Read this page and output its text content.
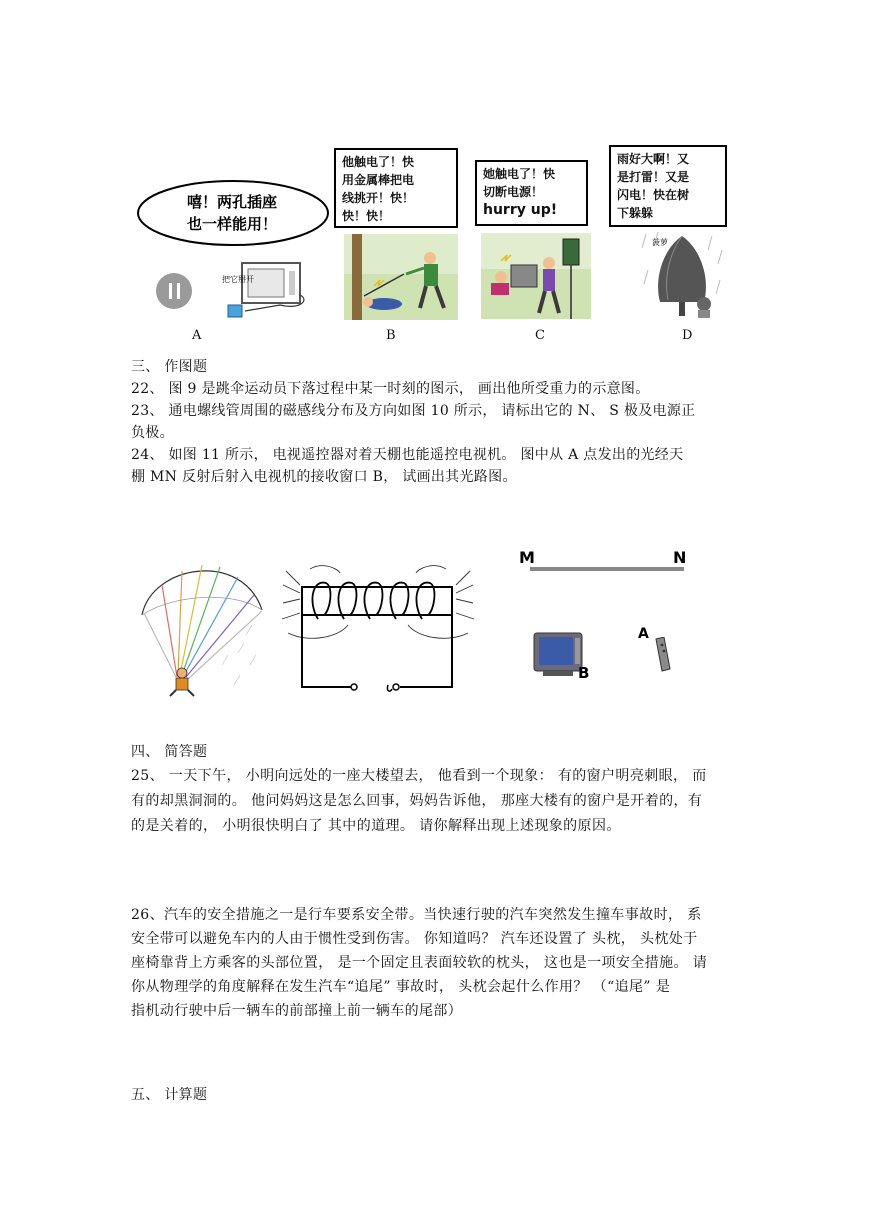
嘻！两孔插座
也一样能用！
把它掰开
A
他触电了！快
用金属棒把电
线挑开！快！
快！快！
B
她触电了！快
切断电源！
hurry up!
C
雨好大啊！又
是打雷！又是
闪电！快在树
下躲躲
菠萝
D
三、 作图题
22、 图 9 是跳伞运动员下落过程中某一时刻的图示， 画出他所受重力的示意图。
23、 通电螺线管周围的磁感线分布及方向如图 10 所示， 请标出它的 N、 S 极及电源正
负极。
24、 如图 11 所示， 电视遥控器对着天棚也能遥控电视机。 图中从 A 点发出的光经天
棚 MN 反射后射入电视机的接收窗口 B， 试画出其光路图。
M	N
B
A
四、 简答题
25、 一天下午， 小明向远处的一座大楼望去， 他看到一个现象： 有的窗户明亮刺眼， 而
有的却黑洞洞的。 他问妈妈这是怎么回事，妈妈告诉他， 那座大楼有的窗户是开着的，有
的是关着的， 小明很快明白了 其中的道理。 请你解释出现上述现象的原因。
26、汽车的安全措施之一是行车要系安全带。当快速行驶的汽车突然发生撞车事故时， 系
安全带可以避免车内的人由于惯性受到伤害。 你知道吗？ 汽车还设置了 头枕， 头枕处于
座椅靠背上方乘客的头部位置， 是一个固定且表面较软的枕头， 这也是一项安全措施。 请
你从物理学的角度解释在发生汽车“追尾” 事故时， 头枕会起什么作用？ （“追尾” 是
指机动行驶中后一辆车的前部撞上前一辆车的尾部）
五、 计算题
